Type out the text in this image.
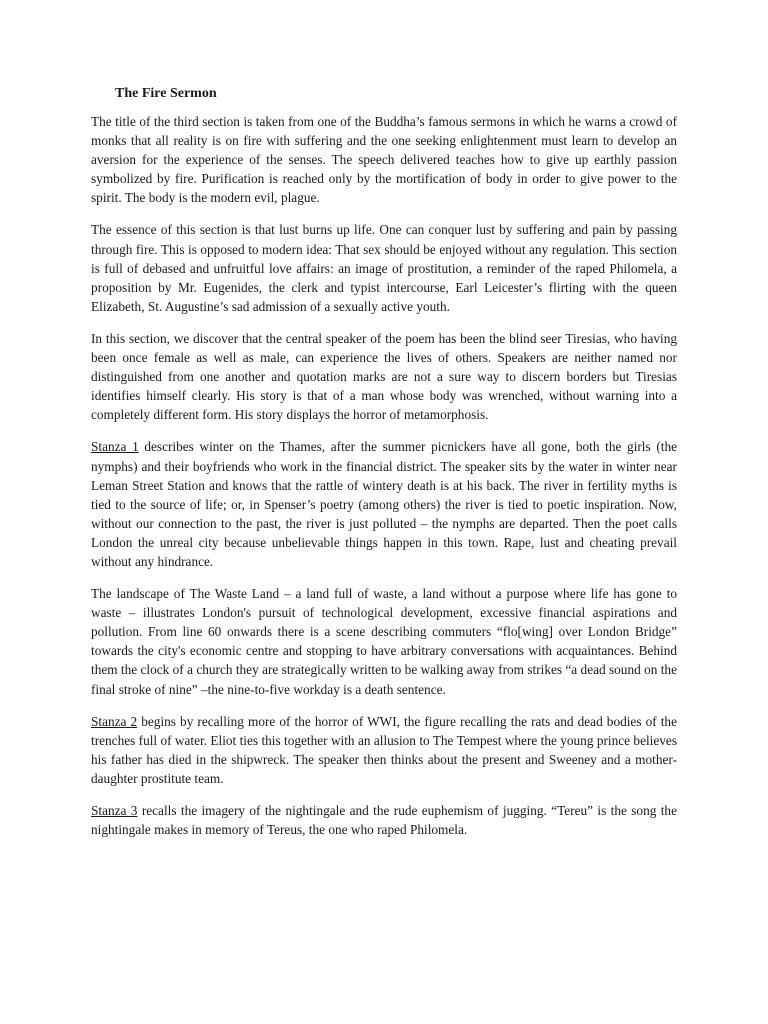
The Fire Sermon

The title of the third section is taken from one of the Buddha’s famous sermons in which he warns a crowd of monks that all reality is on fire with suffering and the one seeking enlightenment must learn to develop an aversion for the experience of the senses. The speech delivered teaches how to give up earthly passion symbolized by fire. Purification is reached only by the mortification of body in order to give power to the spirit. The body is the modern evil, plague.

The essence of this section is that lust burns up life. One can conquer lust by suffering and pain by passing through fire. This is opposed to modern idea: That sex should be enjoyed without any regulation. This section is full of debased and unfruitful love affairs: an image of prostitution, a reminder of the raped Philomela, a proposition by Mr. Eugenides, the clerk and typist intercourse, Earl Leicester’s flirting with the queen Elizabeth, St. Augustine’s sad admission of a sexually active youth.

In this section, we discover that the central speaker of the poem has been the blind seer Tiresias, who having been once female as well as male, can experience the lives of others. Speakers are neither named nor distinguished from one another and quotation marks are not a sure way to discern borders but Tiresias identifies himself clearly. His story is that of a man whose body was wrenched, without warning into a completely different form. His story displays the horror of metamorphosis.

Stanza 1 describes winter on the Thames, after the summer picnickers have all gone, both the girls (the nymphs) and their boyfriends who work in the financial district. The speaker sits by the water in winter near Leman Street Station and knows that the rattle of wintery death is at his back. The river in fertility myths is tied to the source of life; or, in Spenser’s poetry (among others) the river is tied to poetic inspiration. Now, without our connection to the past, the river is just polluted – the nymphs are departed. Then the poet calls London the unreal city because unbelievable things happen in this town. Rape, lust and cheating prevail without any hindrance.

The landscape of The Waste Land – a land full of waste, a land without a purpose where life has gone to waste – illustrates London's pursuit of technological development, excessive financial aspirations and pollution. From line 60 onwards there is a scene describing commuters “flo[wing] over London Bridge” towards the city's economic centre and stopping to have arbitrary conversations with acquaintances. Behind them the clock of a church they are strategically written to be walking away from strikes “a dead sound on the final stroke of nine” –the nine-to-five workday is a death sentence.

Stanza 2 begins by recalling more of the horror of WWI, the figure recalling the rats and dead bodies of the trenches full of water. Eliot ties this together with an allusion to The Tempest where the young prince believes his father has died in the shipwreck. The speaker then thinks about the present and Sweeney and a mother-daughter prostitute team.

Stanza 3 recalls the imagery of the nightingale and the rude euphemism of jugging. “Tereu” is the song the nightingale makes in memory of Tereus, the one who raped Philomela.
